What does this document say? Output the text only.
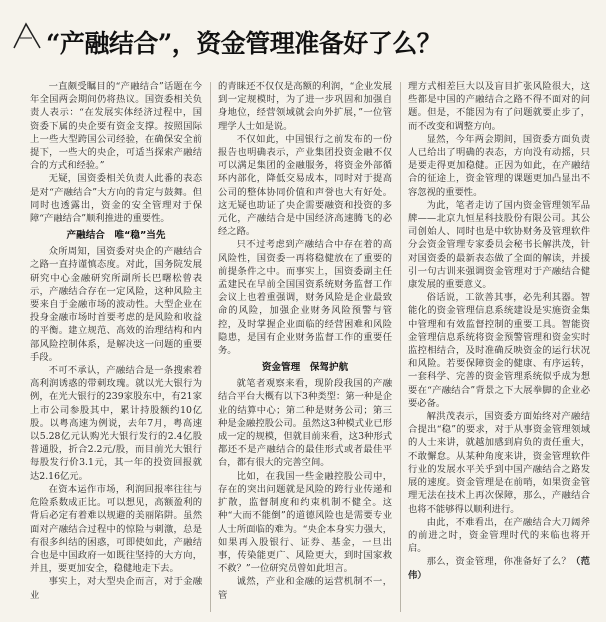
“产融结合”，资金管理准备好了么？

一直颇受瞩目的“产融结合”话题在今年全国两会期间仍将热议。国资委相关负责人表示：“在发展实体经济过程中，国资委下属的央企要有资金支撑。按照国际上一些大型跨国公司经验，在确保安全前提下，一些大的央企，可适当探索产融结合的方式和经验。”

无疑，国资委相关负责人此番的表态是对“产融结合”大方向的肯定与鼓舞。但同时也透露出，资金的安全管理对于保障“产融结合”顺利推进的重要性。

产融结合　唯“稳”当先

众所周知，国资委对央企的产融结合之路一直持谨慎态度。对此，国务院发展研究中心金融研究所副所长巴曙松曾表示，产融结合存在一定风险，这种风险主要来自于金融市场的波动性。大型企业在投身金融市场时首要考虑的是风险和收益的平衡。建立规范、高效的治理结构和内部风险控制体系，是解决这一问题的重要手段。

不可不承认，产融结合是一条搜索着高利润诱惑的带刺玫瑰。就以光大银行为例，在光大银行的239家股东中，有21家上市公司参股其中，累计持股额约10亿股。以粤高速为例说，去年7月，粤高速以5.28亿元认购光大银行发行的2.4亿股普通股，折合2.2元/股，而目前光大银行每股发行价3.1元，其一年的投资回报就达2.16亿元。

在资本运作市场，利润回报率往往与危险系数成正比。可以想见，高额盈利的背后必定有着难以规避的美丽陷阱。虽然面对产融结合过程中的惊险与刺激，总是有很多纠结的困惑，可即使如此，产融结合也是中国政府一如既往坚持的大方向，并且，要更加安全，稳健地走下去。

事实上，对大型央企而言，对于金融业

的青睐还不仅仅是高额的利润，“企业发展到一定规模时，为了进一步巩固和加强自身地位，经营领域就会向外扩展，”一位管理学人士如是说。

不仅如此，中国银行之前发布的一份报告也明确表示，产业集团投资金融不仅可以满足集团的金融服务，将资金外部循环内部化，降低交易成本，同时对于提高公司的整体协同价值和声誉也大有好处。这无疑也助证了央企需要融资和投资的多元化，产融结合是中国经济高速腾飞的必经之路。

只不过考虑到产融结合中存在着的高风险性，国资委一再将稳健放在了重要的前提条件之中。而事实上，国资委副主任孟建民在早前全国国资系统财务监督工作会议上也着重强调，财务风险是企业最致命的风险，加强企业财务风险预警与管控，及时掌握企业面临的经营困难和风险隐患，是国有企业财务监督工作的重要任务。

资金管理　保驾护航

就笔者观察来看，现阶段我国的产融结合平台大概有以下3种类型：第一种是企业的结算中心；第二种是财务公司；第三种是金融控股公司。虽然这3种模式业已形成一定的规模，但就目前来看，这3种形式都还不是产融结合的最佳形式或者最佳平台，都有很大的完善空间。

比如，在我国一些金融控股公司中，存在的突出问题就是风险的跨行业传递和扩散，监督制度和约束机制不健全。这种“大而不能倒”的道德风险也是需要专业人士所面临的难为。“央企本身实力强大，如果再入股银行、证券、基金，一旦出事，传染能更广、风险更大，到时国家救不救？”一位研究员曾如此坦言。

诚然，产业和金融的运营机制不一，管

理方式相差巨大以及盲目扩张风险很大，这些都是中国的产融结合之路不得不面对的问题。但是，不能因为有了问题就要止步了，而不改变和调整方向。

显然，今年两会期间，国资委方面负责人已给出了明确的表态，方向没有动摇，只是要走得更加稳健。正因为如此，在产融结合的征途上，资金管理的课题更加凸显出不容忽视的重要性。

为此，笔者走访了国内资金管理领军品牌——北京九恒星科技股份有限公司。其公司创始人、同时也是中软协财务及管理软件分会资金管理专家委员会秘书长解洪茂，针对国资委的最新表态做了全面的解读，并援引一句古训来强调资金管理对于产融结合健康发展的重要意义。

俗话说，工欲善其事，必先利其器。智能化的资金管理信息系统建设是实施资金集中管理和有效监督控制的重要工具。智能资金管理信息系统将资金预警管理和资金实时监控相结合，及时准确反映资金的运行状况和风险。若要保障资金的健康、有序运转，一套科学、完善的资金管理系统似乎成为想要在“产融结合”背景之下大展拳脚的企业必要必备。

解洪茂表示，国资委方面始终对产融结合提出“稳”的要求，对于从事资金管理领域的人士来讲，就越加感到肩负的责任重大，不敢懈怠。从某种角度来讲，资金管理软件行业的发展水平关乎到中国产融结合之路发展的速度。资金管理是在前哨，如果资金管理无法在技术上再次保障，那么，产融结合也将不能够得以顺利进行。

由此，不难看出，在产融结合大刀阔斧的前进之时，资金管理时代的来临也将开启。

那么，资金管理，你准备好了么？（范　伟）
